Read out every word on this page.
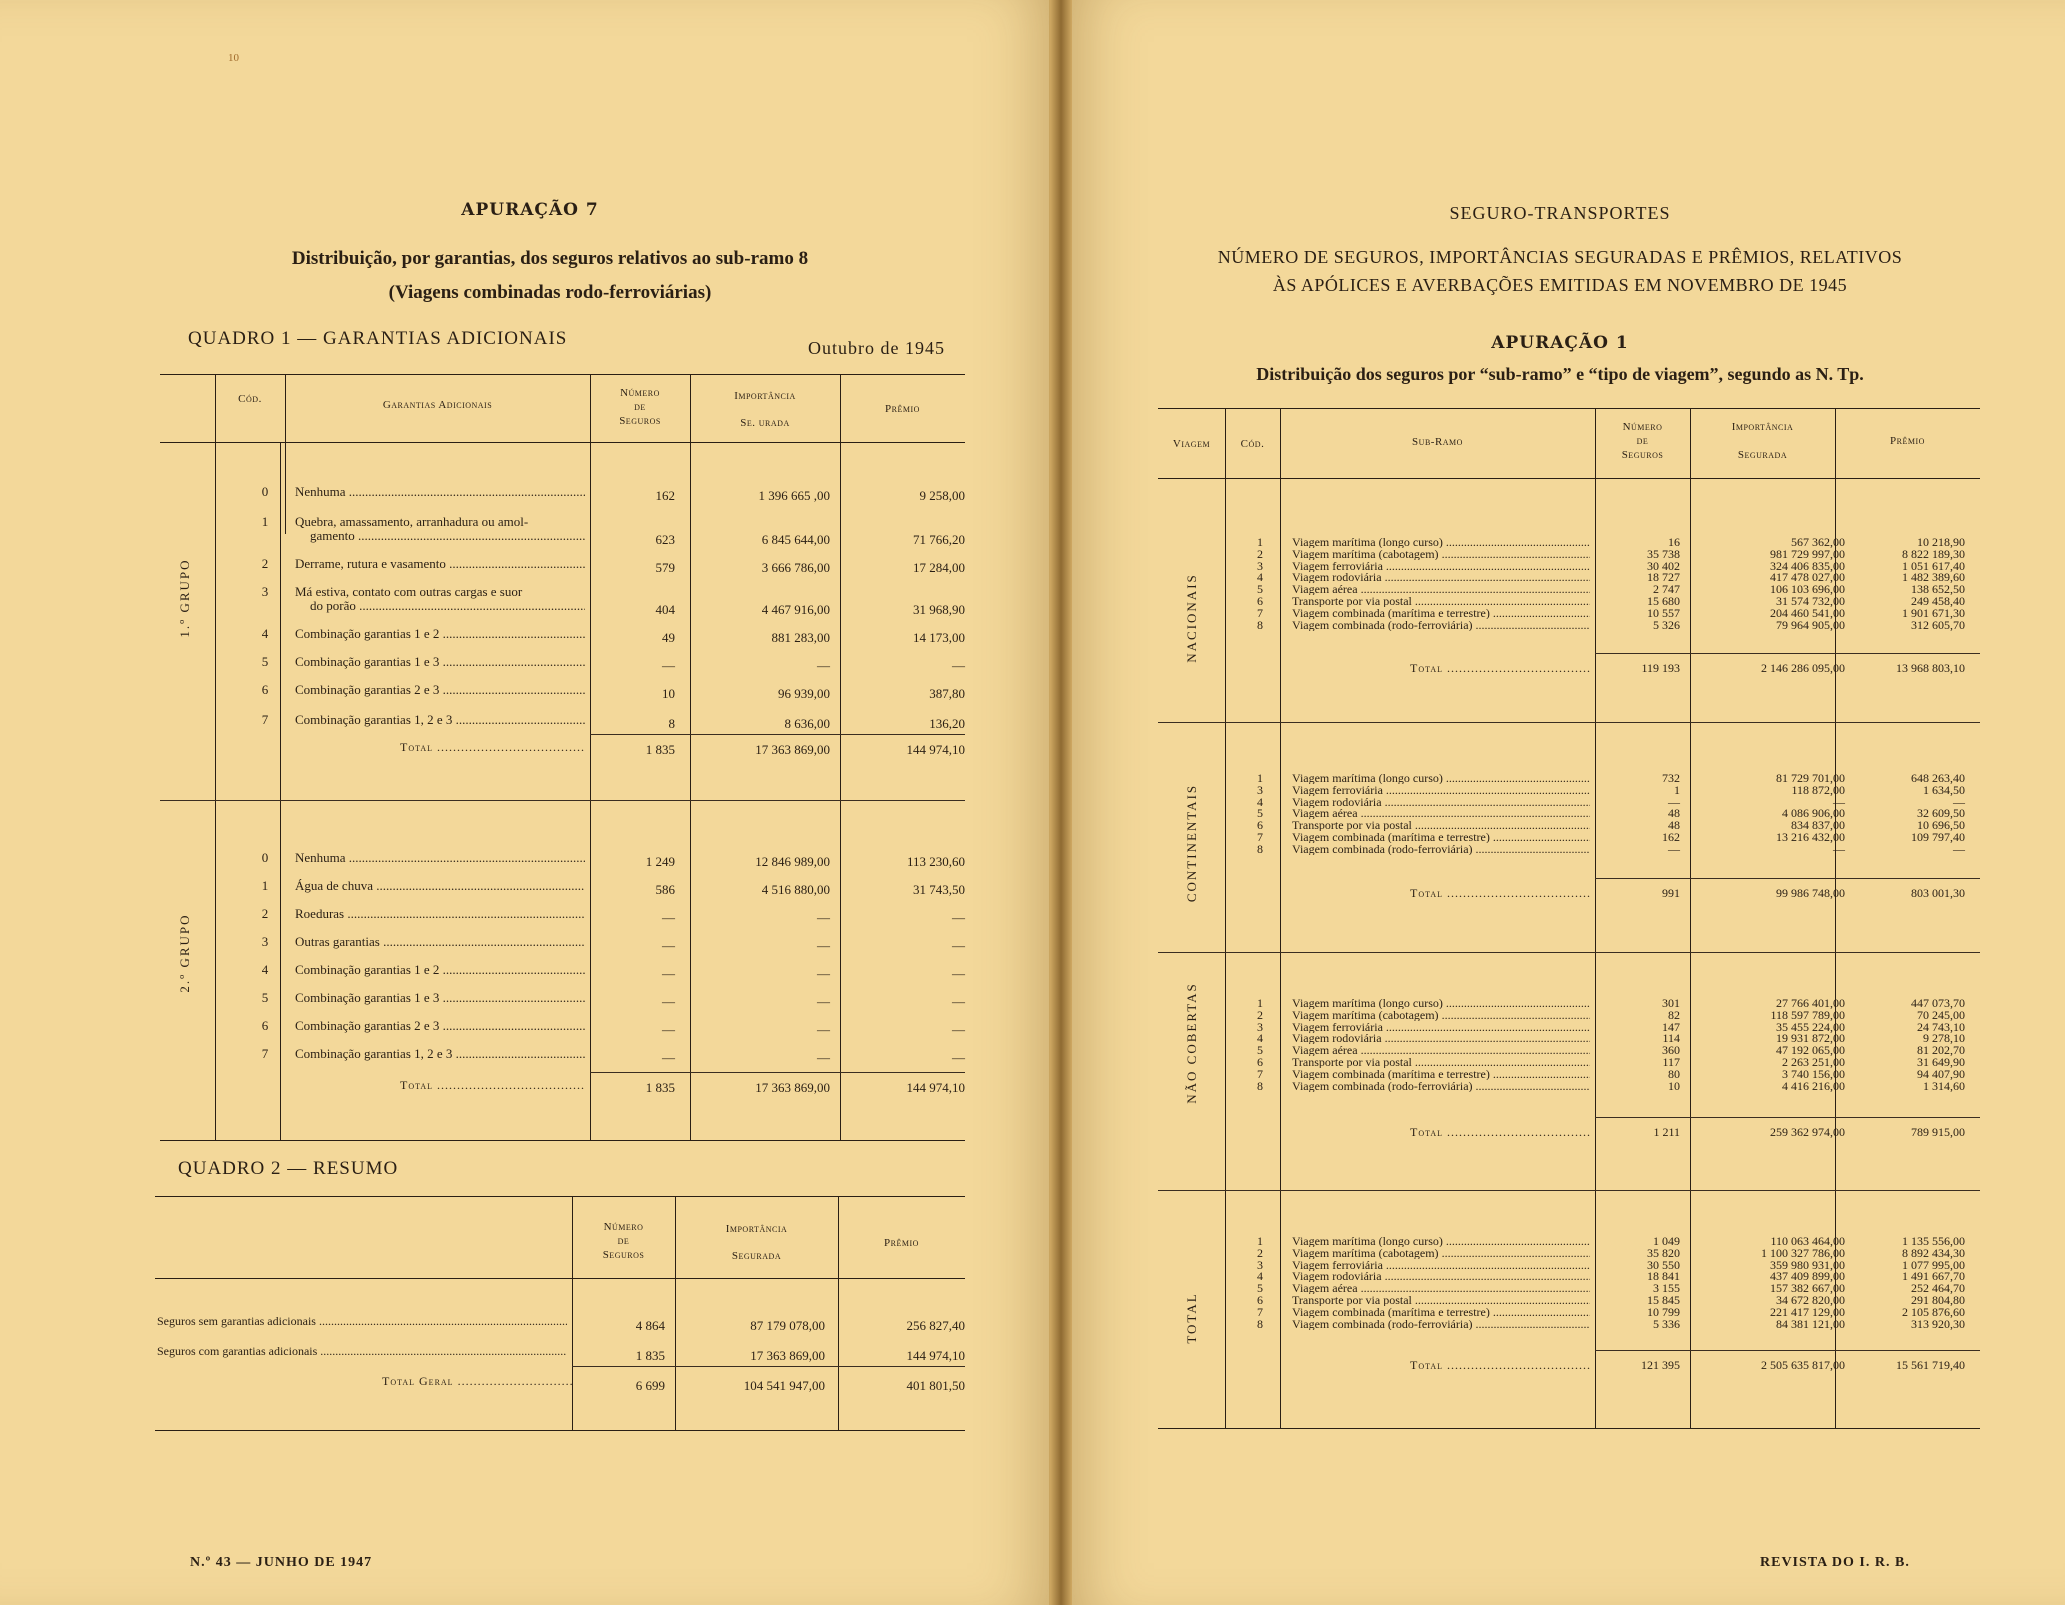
10
APURAÇÃO 7
Distribuição, por garantias, dos seguros relativos ao sub-ramo 8
(Viagens combinadas rodo-ferroviárias)
QUADRO 1 — GARANTIAS ADICIONAIS	Outubro de 1945
Cód.	Garantias Adicionais
Número
de
Seguros
Importância
Se. urada
Prêmio
1.º GRUPO
0	Nenhuma .....	162	1 396 665 ,00	9 258,00
1	Quebra, amassamento, arranhadura ou amol-
gamento .....	623	6 845 644,00	71 766,20
2	Derrame, rutura e vasamento .....	579	3 666 786,00	17 284,00
3	Má estiva, contato com outras cargas e suor
do porão .....	404	4 467 916,00	31 968,90
4	Combinação garantias 1 e 2 .....	49	881 283,00	14 173,00
5	Combinação garantias 1 e 3 .....	—	—	—
6	Combinação garantias 2 e 3 .....	10	96 939,00	387,80
7	Combinação garantias 1, 2 e 3 .....	8	8 636,00	136,20
Total .....	1 835	17 363 869,00	144 974,10
2.º GRUPO
0	Nenhuma .....	1 249	12 846 989,00	113 230,60
1	Água de chuva .....	586	4 516 880,00	31 743,50
2	Roeduras .....	—	—	—
3	Outras garantias .....	—	—	—
4	Combinação garantias 1 e 2 .....	—	—	—
5	Combinação garantias 1 e 3 .....	—	—	—
6	Combinação garantias 2 e 3 .....	—	—	—
7	Combinação garantias 1, 2 e 3 .....	—	—	—
Total .....	1 835	17 363 869,00	144 974,10
QUADRO 2 — RESUMO
Número
de
Seguros
Importância
Segurada
Prêmio
Seguros sem garantias adicionais .....	4 864	87 179 078,00	256 827,40
Seguros com garantias adicionais .....	1 835	17 363 869,00	144 974,10
Total Geral .....	6 699	104 541 947,00	401 801,50
N.º 43 — JUNHO DE 1947
SEGURO-TRANSPORTES
NÚMERO DE SEGUROS, IMPORTÂNCIAS SEGURADAS E PRÊMIOS, RELATIVOS
ÀS APÓLICES E AVERBAÇÕES EMITIDAS EM NOVEMBRO DE 1945
APURAÇÃO 1
Distribuição dos seguros por “sub-ramo” e “tipo de viagem”, segundo as N. Tp.
Viagem	Cód.	Sub-Ramo
Número
de
Seguros
Importância
Segurada
Prêmio
NACIONAIS
1	Viagem marítima (longo curso) .....	16	567 362,00	10 218,90
2	Viagem marítima (cabotagem) .....	35 738	981 729 997,00	8 822 189,30
3	Viagem ferroviária .....	30 402	324 406 835,00	1 051 617,40
4	Viagem rodoviária .....	18 727	417 478 027,00	1 482 389,60
5	Viagem aérea .....	2 747	106 103 696,00	138 652,50
6	Transporte por via postal .....	15 680	31 574 732,00	249 458,40
7	Viagem combinada (marítima e terrestre) .....	10 557	204 460 541,00	1 901 671,30
8	Viagem combinada (rodo-ferroviária) .....	5 326	79 964 905,00	312 605,70
Total .....	119 193	2 146 286 095,00	13 968 803,10
CONTINENTAIS
1	Viagem marítima (longo curso) .....	732	81 729 701,00	648 263,40
3	Viagem ferroviária .....	1	118 872,00	1 634,50
4	Viagem rodoviária .....	—	—	—
5	Viagem aérea .....	48	4 086 906,00	32 609,50
6	Transporte por via postal .....	48	834 837,00	10 696,50
7	Viagem combinada (marítima e terrestre) .....	162	13 216 432,00	109 797,40
8	Viagem combinada (rodo-ferroviária) .....	—	—	—
Total .....	991	99 986 748,00	803 001,30
NÃO COBERTAS	1	Viagem marítima (longo curso) .....	301	27 766 401,00	447 073,70
2	Viagem marítima (cabotagem) .....	82	118 597 789,00	70 245,00
3	Viagem ferroviária .....	147	35 455 224,00	24 743,10
4	Viagem rodoviária .....	114	19 931 872,00	9 278,10
5	Viagem aérea .....	360	47 192 065,00	81 202,70
6	Transporte por via postal .....	117	2 263 251,00	31 649,90
7	Viagem combinada (marítima e terrestre) .....	80	3 740 156,00	94 407,90
8	Viagem combinada (rodo-ferroviária) .....	10	4 416 216,00	1 314,60
Total .....	1 211	259 362 974,00	789 915,00
TOTAL
1	Viagem marítima (longo curso) .....	1 049	110 063 464,00	1 135 556,00
2	Viagem marítima (cabotagem) .....	35 820	1 100 327 786,00	8 892 434,30
3	Viagem ferroviária .....	30 550	359 980 931,00	1 077 995,00
4	Viagem rodoviária .....	18 841	437 409 899,00	1 491 667,70
5	Viagem aérea .....	3 155	157 382 667,00	252 464,70
6	Transporte por via postal .....	15 845	34 672 820,00	291 804,80
7	Viagem combinada (marítima e terrestre) .....	10 799	221 417 129,00	2 105 876,60
8	Viagem combinada (rodo-ferroviária) .....	5 336	84 381 121,00	313 920,30
Total .....	121 395	2 505 635 817,00	15 561 719,40
REVISTA DO I. R. B.
